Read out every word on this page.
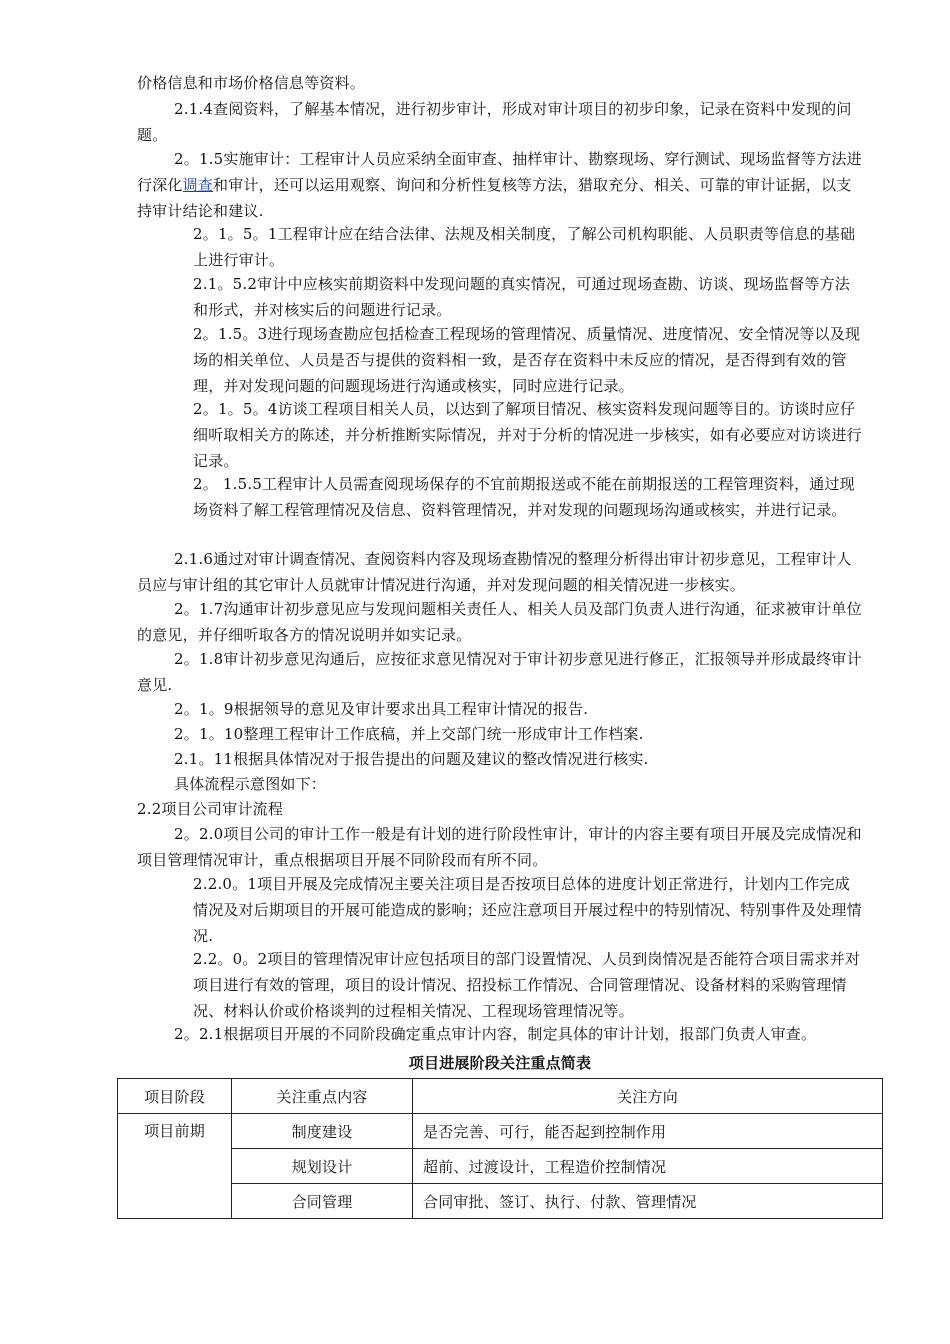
价格信息和市场价格信息等资料。

2.1.4查阅资料，了解基本情况，进行初步审计，形成对审计项目的初步印象，记录在资料中发现的问题。

2。1.5实施审计：工程审计人员应采纳全面审查、抽样审计、勘察现场、穿行测试、现场监督等方法进行深化调查和审计，还可以运用观察、询问和分析性复核等方法，猎取充分、相关、可靠的审计证据，以支持审计结论和建议.

2。1。5。1工程审计应在结合法律、法规及相关制度，了解公司机构职能、人员职责等信息的基础上进行审计。

2.1。5.2审计中应核实前期资料中发现问题的真实情况，可通过现场查勘、访谈、现场监督等方法和形式，并对核实后的问题进行记录。

2。1.5。3进行现场查勘应包括检查工程现场的管理情况、质量情况、进度情况、安全情况等以及现场的相关单位、人员是否与提供的资料相一致，是否存在资料中未反应的情况，是否得到有效的管理，并对发现问题的问题现场进行沟通或核实，同时应进行记录。

2。1。5。4访谈工程项目相关人员，以达到了解项目情况、核实资料发现问题等目的。访谈时应仔细听取相关方的陈述，并分析推断实际情况，并对于分析的情况进一步核实，如有必要应对访谈进行记录。

2。 1.5.5工程审计人员需查阅现场保存的不宜前期报送或不能在前期报送的工程管理资料，通过现场资料了解工程管理情况及信息、资料管理情况，并对发现的问题现场沟通或核实，并进行记录。

2.1.6通过对审计调查情况、查阅资料内容及现场查勘情况的整理分析得出审计初步意见，工程审计人员应与审计组的其它审计人员就审计情况进行沟通，并对发现问题的相关情况进一步核实。

2。1.7沟通审计初步意见应与发现问题相关责任人、相关人员及部门负责人进行沟通，征求被审计单位的意见，并仔细听取各方的情况说明并如实记录。

2。1.8审计初步意见沟通后，应按征求意见情况对于审计初步意见进行修正，汇报领导并形成最终审计意见.

2。1。9根据领导的意见及审计要求出具工程审计情况的报告.

2。1。10整理工程审计工作底稿，并上交部门统一形成审计工作档案.

2.1。11根据具体情况对于报告提出的问题及建议的整改情况进行核实.

具体流程示意图如下：

2.2项目公司审计流程

2。2.0项目公司的审计工作一般是有计划的进行阶段性审计，审计的内容主要有项目开展及完成情况和项目管理情况审计，重点根据项目开展不同阶段而有所不同。

2.2.0。1项目开展及完成情况主要关注项目是否按项目总体的进度计划正常进行，计划内工作完成情况及对后期项目的开展可能造成的影响；还应注意项目开展过程中的特别情况、特别事件及处理情况.

2.2。0。2项目的管理情况审计应包括项目的部门设置情况、人员到岗情况是否能符合项目需求并对项目进行有效的管理，项目的设计情况、招投标工作情况、合同管理情况、设备材料的采购管理情况、材料认价或价格谈判的过程相关情况、工程现场管理情况等。

2。2.1根据项目开展的不同阶段确定重点审计内容，制定具体的审计计划，报部门负责人审查。

项目进展阶段关注重点简表
项目阶段	关注重点内容	关注方向
项目前期	制度建设	是否完善、可行，能否起到控制作用
	规划设计	超前、过渡设计，工程造价控制情况
	合同管理	合同审批、签订、执行、付款、管理情况
